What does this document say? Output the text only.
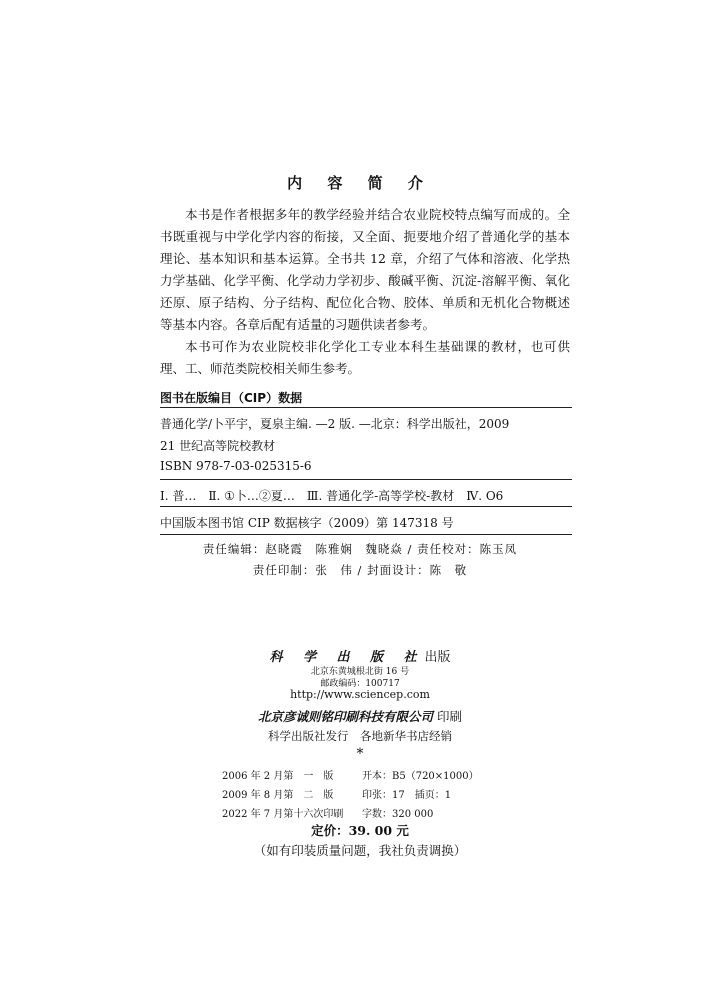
内 容 简 介

本书是作者根据多年的教学经验并结合农业院校特点编写而成的。全书既重视与中学化学内容的衔接，又全面、扼要地介绍了普通化学的基本理论、基本知识和基本运算。全书共 12 章，介绍了气体和溶液、化学热力学基础、化学平衡、化学动力学初步、酸碱平衡、沉淀-溶解平衡、氧化还原、原子结构、分子结构、配位化合物、胶体、单质和无机化合物概述等基本内容。各章后配有适量的习题供读者参考。

本书可作为农业院校非化学化工专业本科生基础课的教材，也可供理、工、师范类院校相关师生参考。

图书在版编目（CIP）数据
普通化学/卜平宇，夏泉主编. —2 版. —北京：科学出版社，2009
21 世纪高等院校教材
ISBN 978-7-03-025315-6
Ⅰ. 普…　Ⅱ. ①卜…②夏…　Ⅲ. 普通化学-高等学校-教材　Ⅳ. O6
中国版本图书馆 CIP 数据核字（2009）第 147318 号
责任编辑：赵晓霞　陈雅娴　魏晓焱 / 责任校对：陈玉凤
责任印制：张　伟 / 封面设计：陈　敬
科 学 出 版 社出版
北京东黄城根北街 16 号
邮政编码：100717
http://www.sciencep.com
北京彦诚则铭印刷科技有限公司 印刷
科学出版社发行　各地新华书店经销
*
2006 年 2 月第　一　版	开本：B5（720×1000）
2009 年 8 月第　二　版	印张：17　插页：1
2022 年 7 月第十六次印刷 字数：320 000
定价：39. 00 元
（如有印装质量问题，我社负责调换）
